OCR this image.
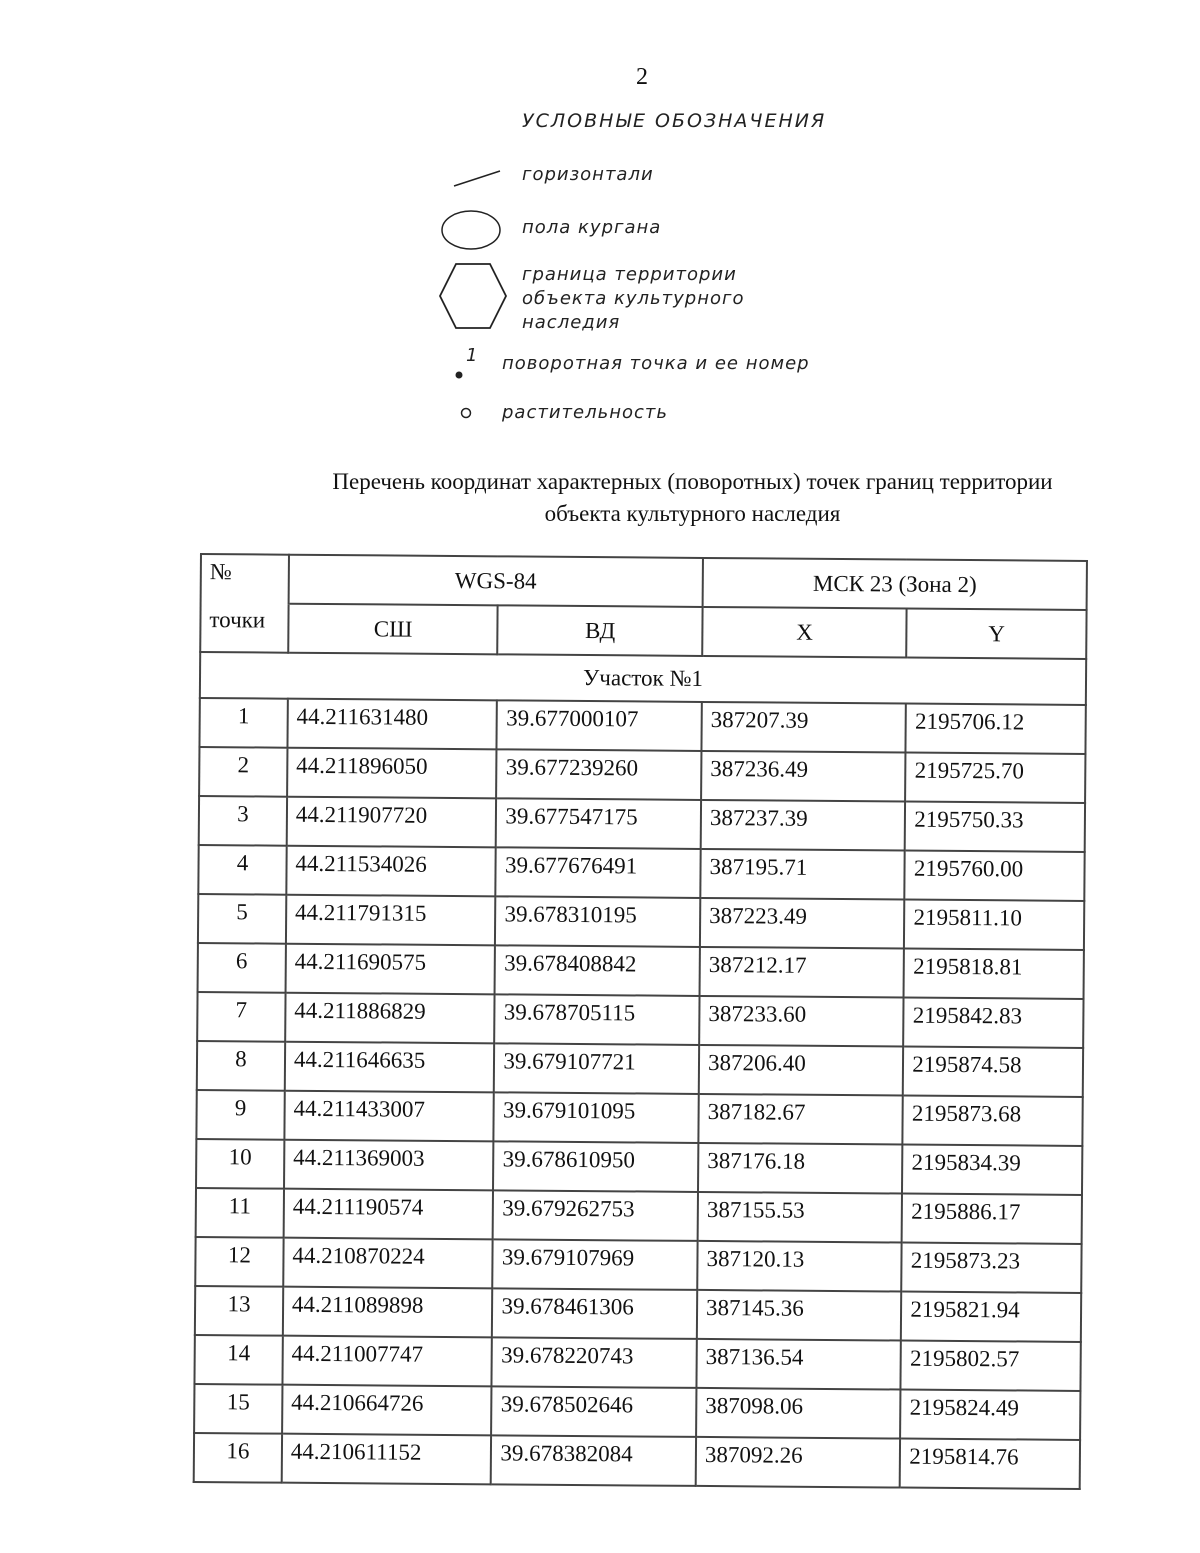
2
УСЛОВНЫЕ ОБОЗНАЧЕНИЯ
горизонтали
пола кургана
граница территории
объекта культурного
наследия
1 поворотная точка и ее номер
растительность
Перечень координат характерных (поворотных) точек границ территории
объекта культурного наследия
№	WGS-84		МСК 23 (Зона 2)	
точки	СШ	ВД	X	Y
Участок №1				
1	44.211631480	39.677000107	387207.39	2195706.12
2	44.211896050	39.677239260	387236.49	2195725.70
3	44.211907720	39.677547175	387237.39	2195750.33
4	44.211534026	39.677676491	387195.71	2195760.00
5	44.211791315	39.678310195	387223.49	2195811.10
6	44.211690575	39.678408842	387212.17	2195818.81
7	44.211886829	39.678705115	387233.60	2195842.83
8	44.211646635	39.679107721	387206.40	2195874.58
9	44.211433007	39.679101095	387182.67	2195873.68
10	44.211369003	39.678610950	387176.18	2195834.39
11	44.211190574	39.679262753	387155.53	2195886.17
12	44.210870224	39.679107969	387120.13	2195873.23
13	44.211089898	39.678461306	387145.36	2195821.94
14	44.211007747	39.678220743	387136.54	2195802.57
15	44.210664726	39.678502646	387098.06	2195824.49
16	44.210611152	39.678382084	387092.26	2195814.76
